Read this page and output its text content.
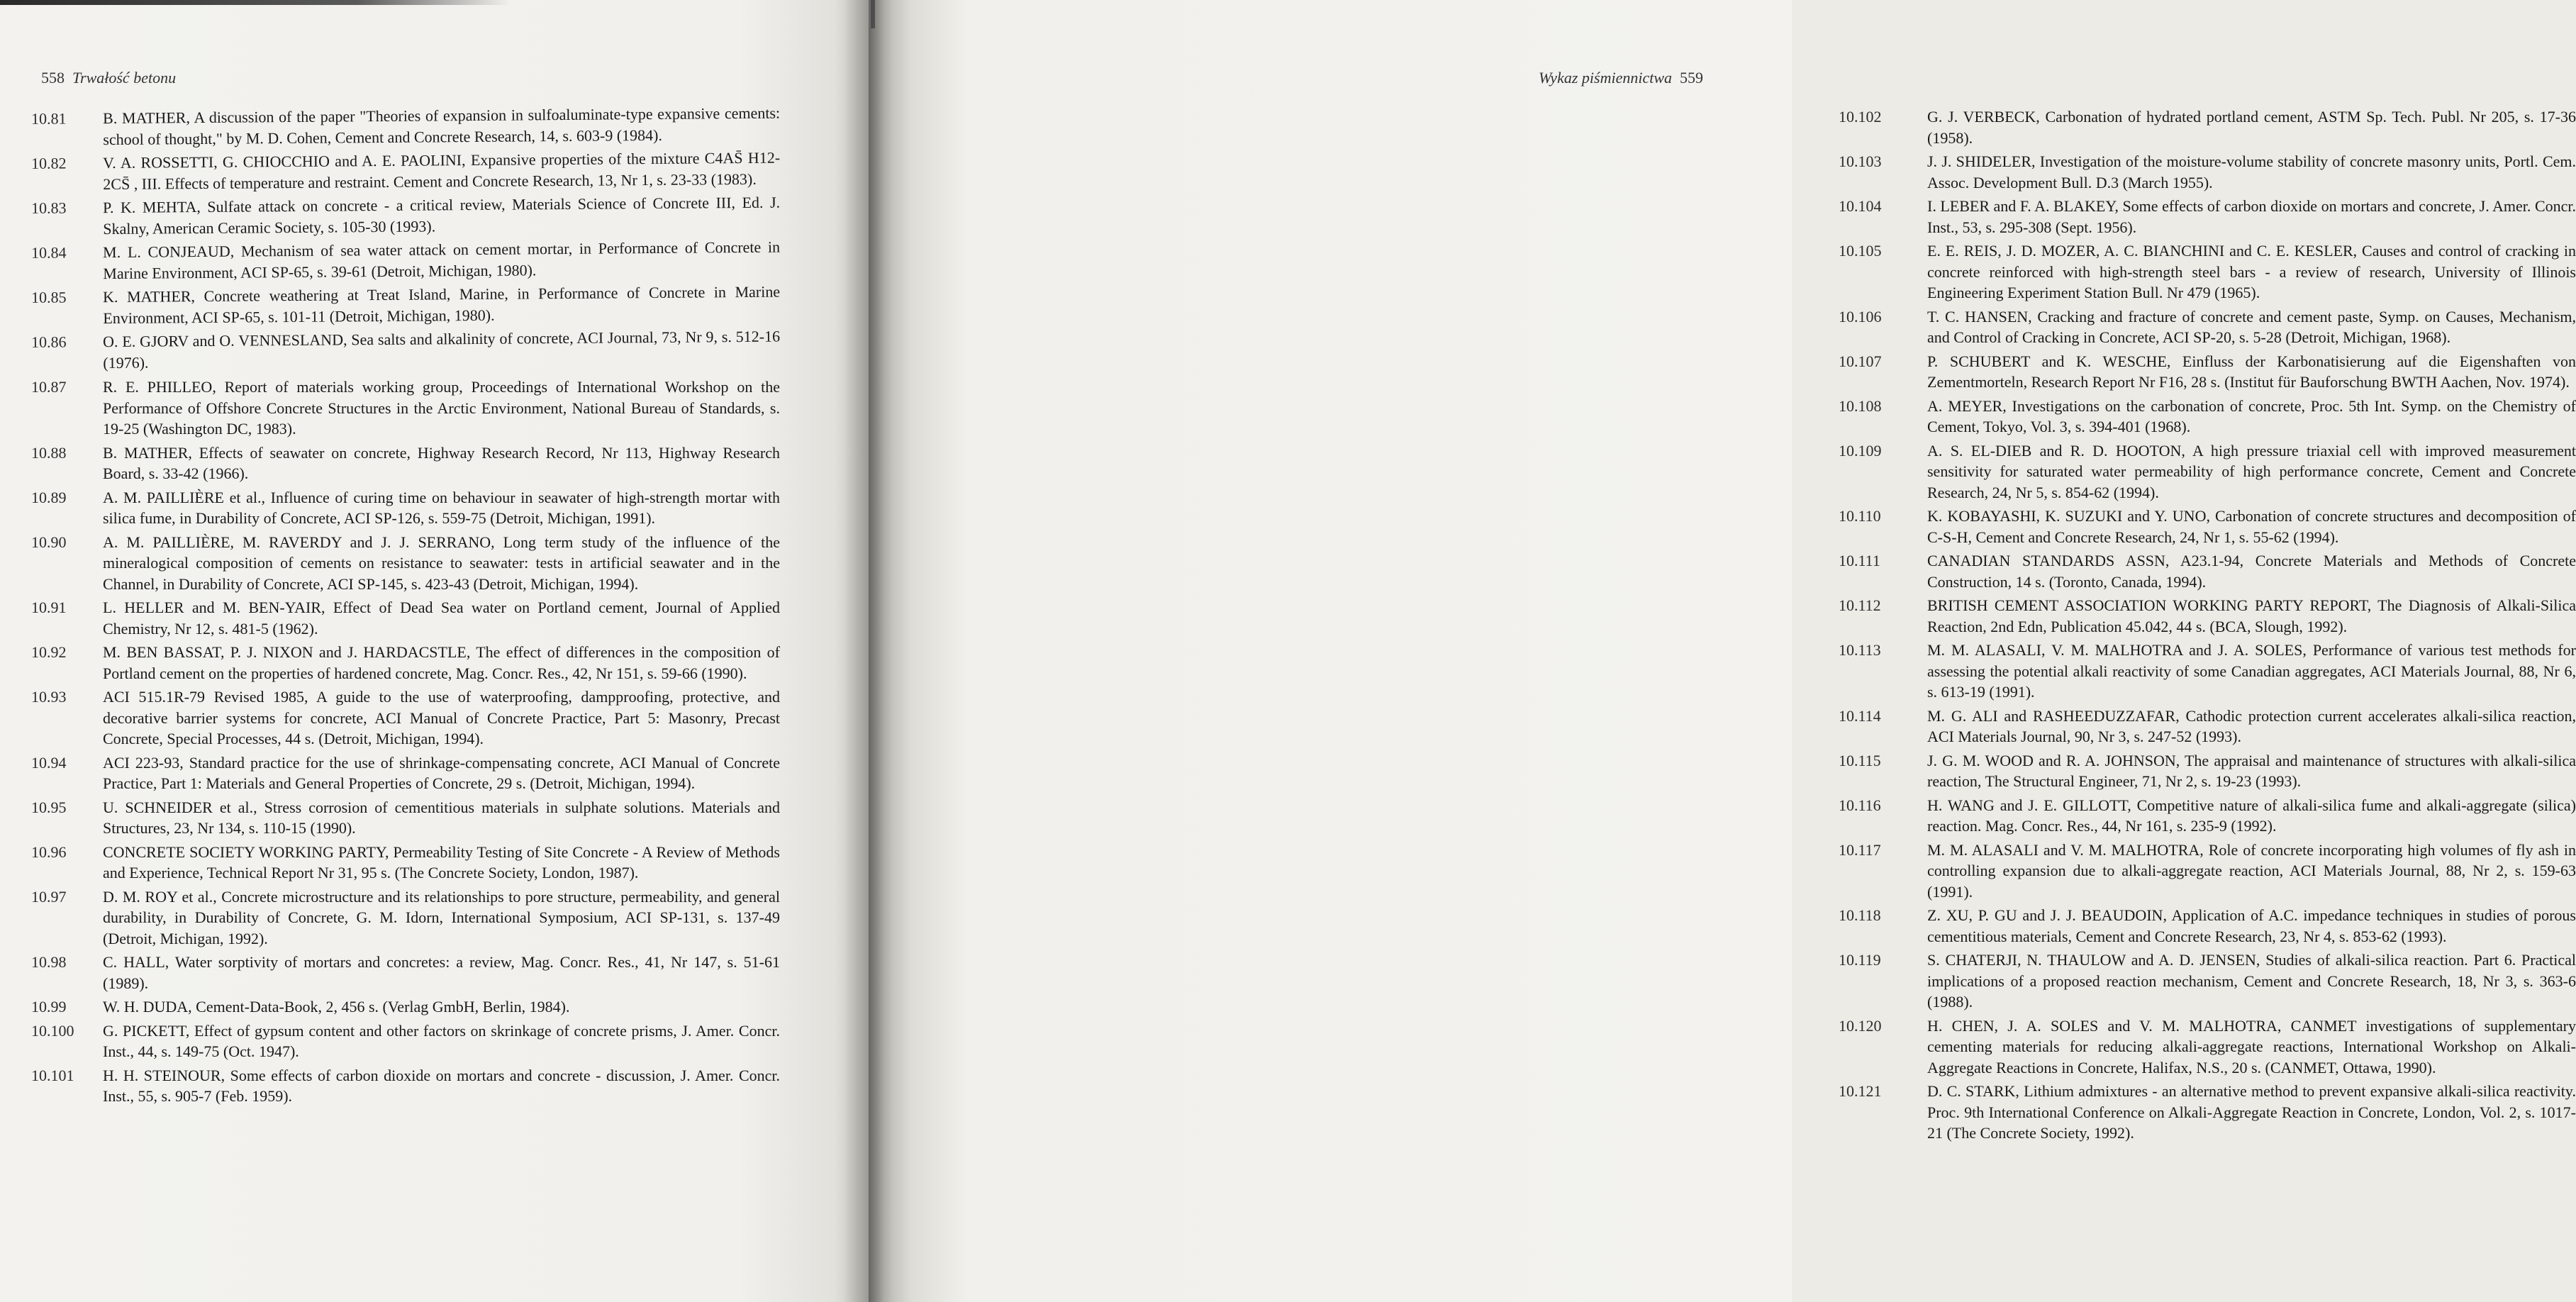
558 Trwałość betonu
10.81	B. MATHER, A discussion of the paper "Theories of expansion in sulfoaluminate-type expansive cements: school of thought," by M. D. Cohen, Cement and Concrete Research, 14, s. 603-9 (1984).
10.82	V. A. ROSSETTI, G. CHIOCCHIO and A. E. PAOLINI, Expansive properties of the mixture C4AS̄ H12-2CS̄ , III. Effects of temperature and restraint. Cement and Concrete Research, 13, Nr 1, s. 23-33 (1983).
10.83	P. K. MEHTA, Sulfate attack on concrete - a critical review, Materials Science of Concrete III, Ed. J. Skalny, American Ceramic Society, s. 105-30 (1993).
10.84	M. L. CONJEAUD, Mechanism of sea water attack on cement mortar, in Performance of Concrete in Marine Environment, ACI SP-65, s. 39-61 (Detroit, Michigan, 1980).
10.85	K. MATHER, Concrete weathering at Treat Island, Marine, in Performance of Concrete in Marine Environment, ACI SP-65, s. 101-11 (Detroit, Michigan, 1980).
10.86	O. E. GJORV and O. VENNESLAND, Sea salts and alkalinity of concrete, ACI Journal, 73, Nr 9, s. 512-16 (1976).
10.87	R. E. PHILLEO, Report of materials working group, Proceedings of International Workshop on the Performance of Offshore Concrete Structures in the Arctic Environment, National Bureau of Standards, s. 19-25 (Washington DC, 1983).
10.88	B. MATHER, Effects of seawater on concrete, Highway Research Record, Nr 113, Highway Research Board, s. 33-42 (1966).
10.89	A. M. PAILLIÈRE et al., Influence of curing time on behaviour in seawater of high-strength mortar with silica fume, in Durability of Concrete, ACI SP-126, s. 559-75 (Detroit, Michigan, 1991).
10.90	A. M. PAILLIÈRE, M. RAVERDY and J. J. SERRANO, Long term study of the influence of the mineralogical composition of cements on resistance to seawater: tests in artificial seawater and in the Channel, in Durability of Concrete, ACI SP-145, s. 423-43 (Detroit, Michigan, 1994).
10.91	L. HELLER and M. BEN-YAIR, Effect of Dead Sea water on Portland cement, Journal of Applied Chemistry, Nr 12, s. 481-5 (1962).
10.92	M. BEN BASSAT, P. J. NIXON and J. HARDACSTLE, The effect of differences in the composition of Portland cement on the properties of hardened concrete, Mag. Concr. Res., 42, Nr 151, s. 59-66 (1990).
10.93	ACI 515.1R-79 Revised 1985, A guide to the use of waterproofing, dampproofing, protective, and decorative barrier systems for concrete, ACI Manual of Concrete Practice, Part 5: Masonry, Precast Concrete, Special Processes, 44 s. (Detroit, Michigan, 1994).
10.94	ACI 223-93, Standard practice for the use of shrinkage-compensating concrete, ACI Manual of Concrete Practice, Part 1: Materials and General Properties of Concrete, 29 s. (Detroit, Michigan, 1994).
10.95	U. SCHNEIDER et al., Stress corrosion of cementitious materials in sulphate solutions. Materials and Structures, 23, Nr 134, s. 110-15 (1990).
10.96	CONCRETE SOCIETY WORKING PARTY, Permeability Testing of Site Concrete - A Review of Methods and Experience, Technical Report Nr 31, 95 s. (The Concrete Society, London, 1987).
10.97	D. M. ROY et al., Concrete microstructure and its relationships to pore structure, permeability, and general durability, in Durability of Concrete, G. M. Idorn, International Symposium, ACI SP-131, s. 137-49 (Detroit, Michigan, 1992).
10.98	C. HALL, Water sorptivity of mortars and concretes: a review, Mag. Concr. Res., 41, Nr 147, s. 51-61 (1989).
10.99	W. H. DUDA, Cement-Data-Book, 2, 456 s. (Verlag GmbH, Berlin, 1984).
10.100	G. PICKETT, Effect of gypsum content and other factors on skrinkage of concrete prisms, J. Amer. Concr. Inst., 44, s. 149-75 (Oct. 1947).
10.101	H. H. STEINOUR, Some effects of carbon dioxide on mortars and concrete - discussion, J. Amer. Concr. Inst., 55, s. 905-7 (Feb. 1959).
Wykaz piśmiennictwa 559
10.102	G. J. VERBECK, Carbonation of hydrated portland cement, ASTM Sp. Tech. Publ. Nr 205, s. 17-36 (1958).
10.103	J. J. SHIDELER, Investigation of the moisture-volume stability of concrete masonry units, Portl. Cem. Assoc. Development Bull. D.3 (March 1955).
10.104	I. LEBER and F. A. BLAKEY, Some effects of carbon dioxide on mortars and concrete, J. Amer. Concr. Inst., 53, s. 295-308 (Sept. 1956).
10.105	E. E. REIS, J. D. MOZER, A. C. BIANCHINI and C. E. KESLER, Causes and control of cracking in concrete reinforced with high-strength steel bars - a review of research, University of Illinois Engineering Experiment Station Bull. Nr 479 (1965).
10.106	T. C. HANSEN, Cracking and fracture of concrete and cement paste, Symp. on Causes, Mechanism, and Control of Cracking in Concrete, ACI SP-20, s. 5-28 (Detroit, Michigan, 1968).
10.107	P. SCHUBERT and K. WESCHE, Einfluss der Karbonatisierung auf die Eigenshaften von Zementmorteln, Research Report Nr F16, 28 s. (Institut für Bauforschung BWTH Aachen, Nov. 1974).
10.108	A. MEYER, Investigations on the carbonation of concrete, Proc. 5th Int. Symp. on the Chemistry of Cement, Tokyo, Vol. 3, s. 394-401 (1968).
10.109	A. S. EL-DIEB and R. D. HOOTON, A high pressure triaxial cell with improved measurement sensitivity for saturated water permeability of high performance concrete, Cement and Concrete Research, 24, Nr 5, s. 854-62 (1994).
10.110	K. KOBAYASHI, K. SUZUKI and Y. UNO, Carbonation of concrete structures and decomposition of C-S-H, Cement and Concrete Research, 24, Nr 1, s. 55-62 (1994).
10.111	CANADIAN STANDARDS ASSN, A23.1-94, Concrete Materials and Methods of Concrete Construction, 14 s. (Toronto, Canada, 1994).
10.112	BRITISH CEMENT ASSOCIATION WORKING PARTY REPORT, The Diagnosis of Alkali-Silica Reaction, 2nd Edn, Publication 45.042, 44 s. (BCA, Slough, 1992).
10.113	M. M. ALASALI, V. M. MALHOTRA and J. A. SOLES, Performance of various test methods for assessing the potential alkali reactivity of some Canadian aggregates, ACI Materials Journal, 88, Nr 6, s. 613-19 (1991).
10.114	M. G. ALI and RASHEEDUZZAFAR, Cathodic protection current accelerates alkali-silica reaction, ACI Materials Journal, 90, Nr 3, s. 247-52 (1993).
10.115	J. G. M. WOOD and R. A. JOHNSON, The appraisal and maintenance of structures with alkali-silica reaction, The Structural Engineer, 71, Nr 2, s. 19-23 (1993).
10.116	H. WANG and J. E. GILLOTT, Competitive nature of alkali-silica fume and alkali-aggregate (silica) reaction. Mag. Concr. Res., 44, Nr 161, s. 235-9 (1992).
10.117	M. M. ALASALI and V. M. MALHOTRA, Role of concrete incorporating high volumes of fly ash in controlling expansion due to alkali-aggregate reaction, ACI Materials Journal, 88, Nr 2, s. 159-63 (1991).
10.118	Z. XU, P. GU and J. J. BEAUDOIN, Application of A.C. impedance techniques in studies of porous cementitious materials, Cement and Concrete Research, 23, Nr 4, s. 853-62 (1993).
10.119	S. CHATERJI, N. THAULOW and A. D. JENSEN, Studies of alkali-silica reaction. Part 6. Practical implications of a proposed reaction mechanism, Cement and Concrete Research, 18, Nr 3, s. 363-6 (1988).
10.120	H. CHEN, J. A. SOLES and V. M. MALHOTRA, CANMET investigations of supplementary cementing materials for reducing alkali-aggregate reactions, International Workshop on Alkali-Aggregate Reactions in Concrete, Halifax, N.S., 20 s. (CANMET, Ottawa, 1990).
10.121	D. C. STARK, Lithium admixtures - an alternative method to prevent expansive alkali-silica reactivity. Proc. 9th International Conference on Alkali-Aggregate Reaction in Concrete, London, Vol. 2, s. 1017-21 (The Concrete Society, 1992).
